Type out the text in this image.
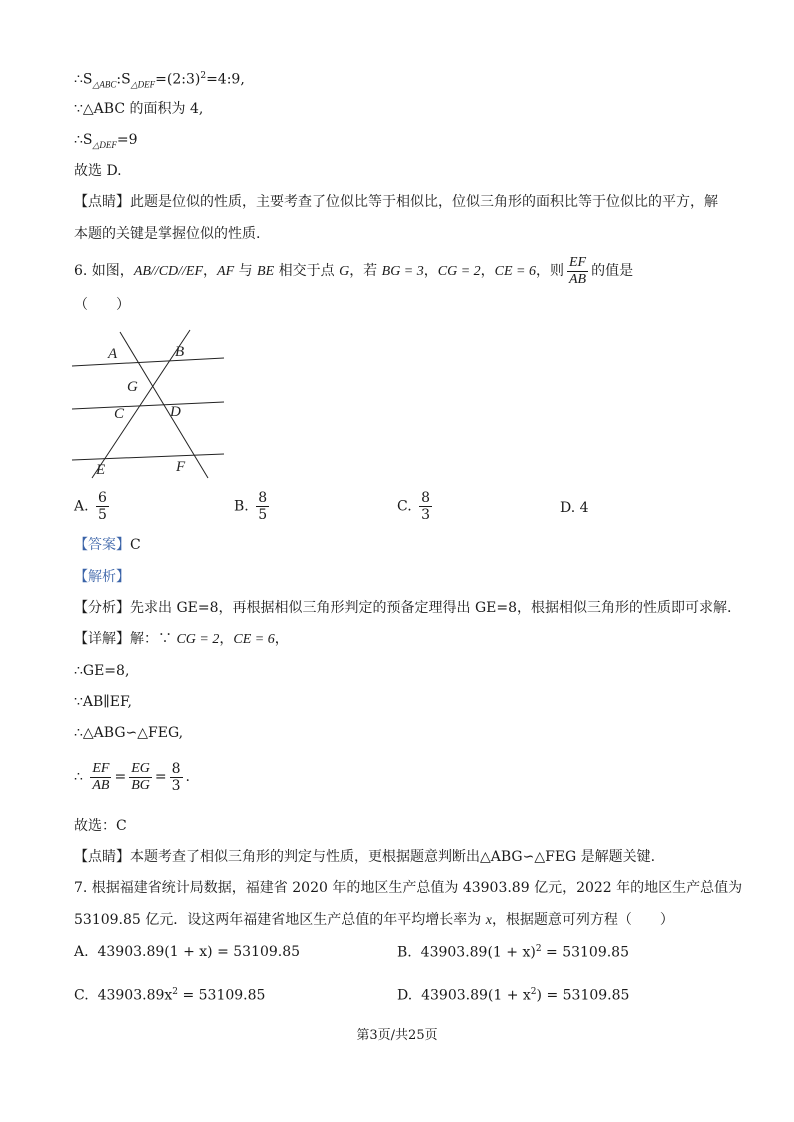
$\therefore S_{\triangle ABC}:S_{\triangle DEF}=(2:3)^2=4:9$,
∵△ABC 的面积为 4,
$\therefore S_{\triangle DEF}=9$
故选 D.
【点睛】此题是位似的性质，主要考查了位似比等于相似比，位似三角形的面积比等于位似比的平方，解
本题的关键是掌握位似的性质.
6. 如图，AB//CD//EF，AF 与 BE 相交于点 G，若 BG = 3，CG = 2，CE = 6，则 $\frac{EF}{AB}$ 的值是
（　　）
A	B
G
C	D
E	F
A. $\frac{6}{5}$	B. $\frac{8}{5}$	C. $\frac{8}{3}$	D. 4
【答案】C
【解析】
【分析】先求出 GE=8，再根据相似三角形判定的预备定理得出 GE=8，根据相似三角形的性质即可求解.
【详解】解：∵ CG = 2，CE = 6，
∴GE=8,
∵AB∥EF,
∴△ABG∽△FEG,
∴ $\frac{EF}{AB} = \frac{EG}{BG} = \frac{8}{3}$ .
故选：C
【点睛】本题考查了相似三角形的判定与性质，更根据题意判断出△ABG∽△FEG 是解题关键.
7. 根据福建省统计局数据，福建省 2020 年的地区生产总值为 43903.89 亿元，2022 年的地区生产总值为
53109.85 亿元．设这两年福建省地区生产总值的年平均增长率为 x，根据题意可列方程（　　）
A. 43903.89(1 + x) = 53109.85	B. $43903.89(1 + x)^2 = 53109.85$
C. $43903.89x^2 = 53109.85$	D. $43903.89(1 + x^2) = 53109.85$
第3页/共25页
